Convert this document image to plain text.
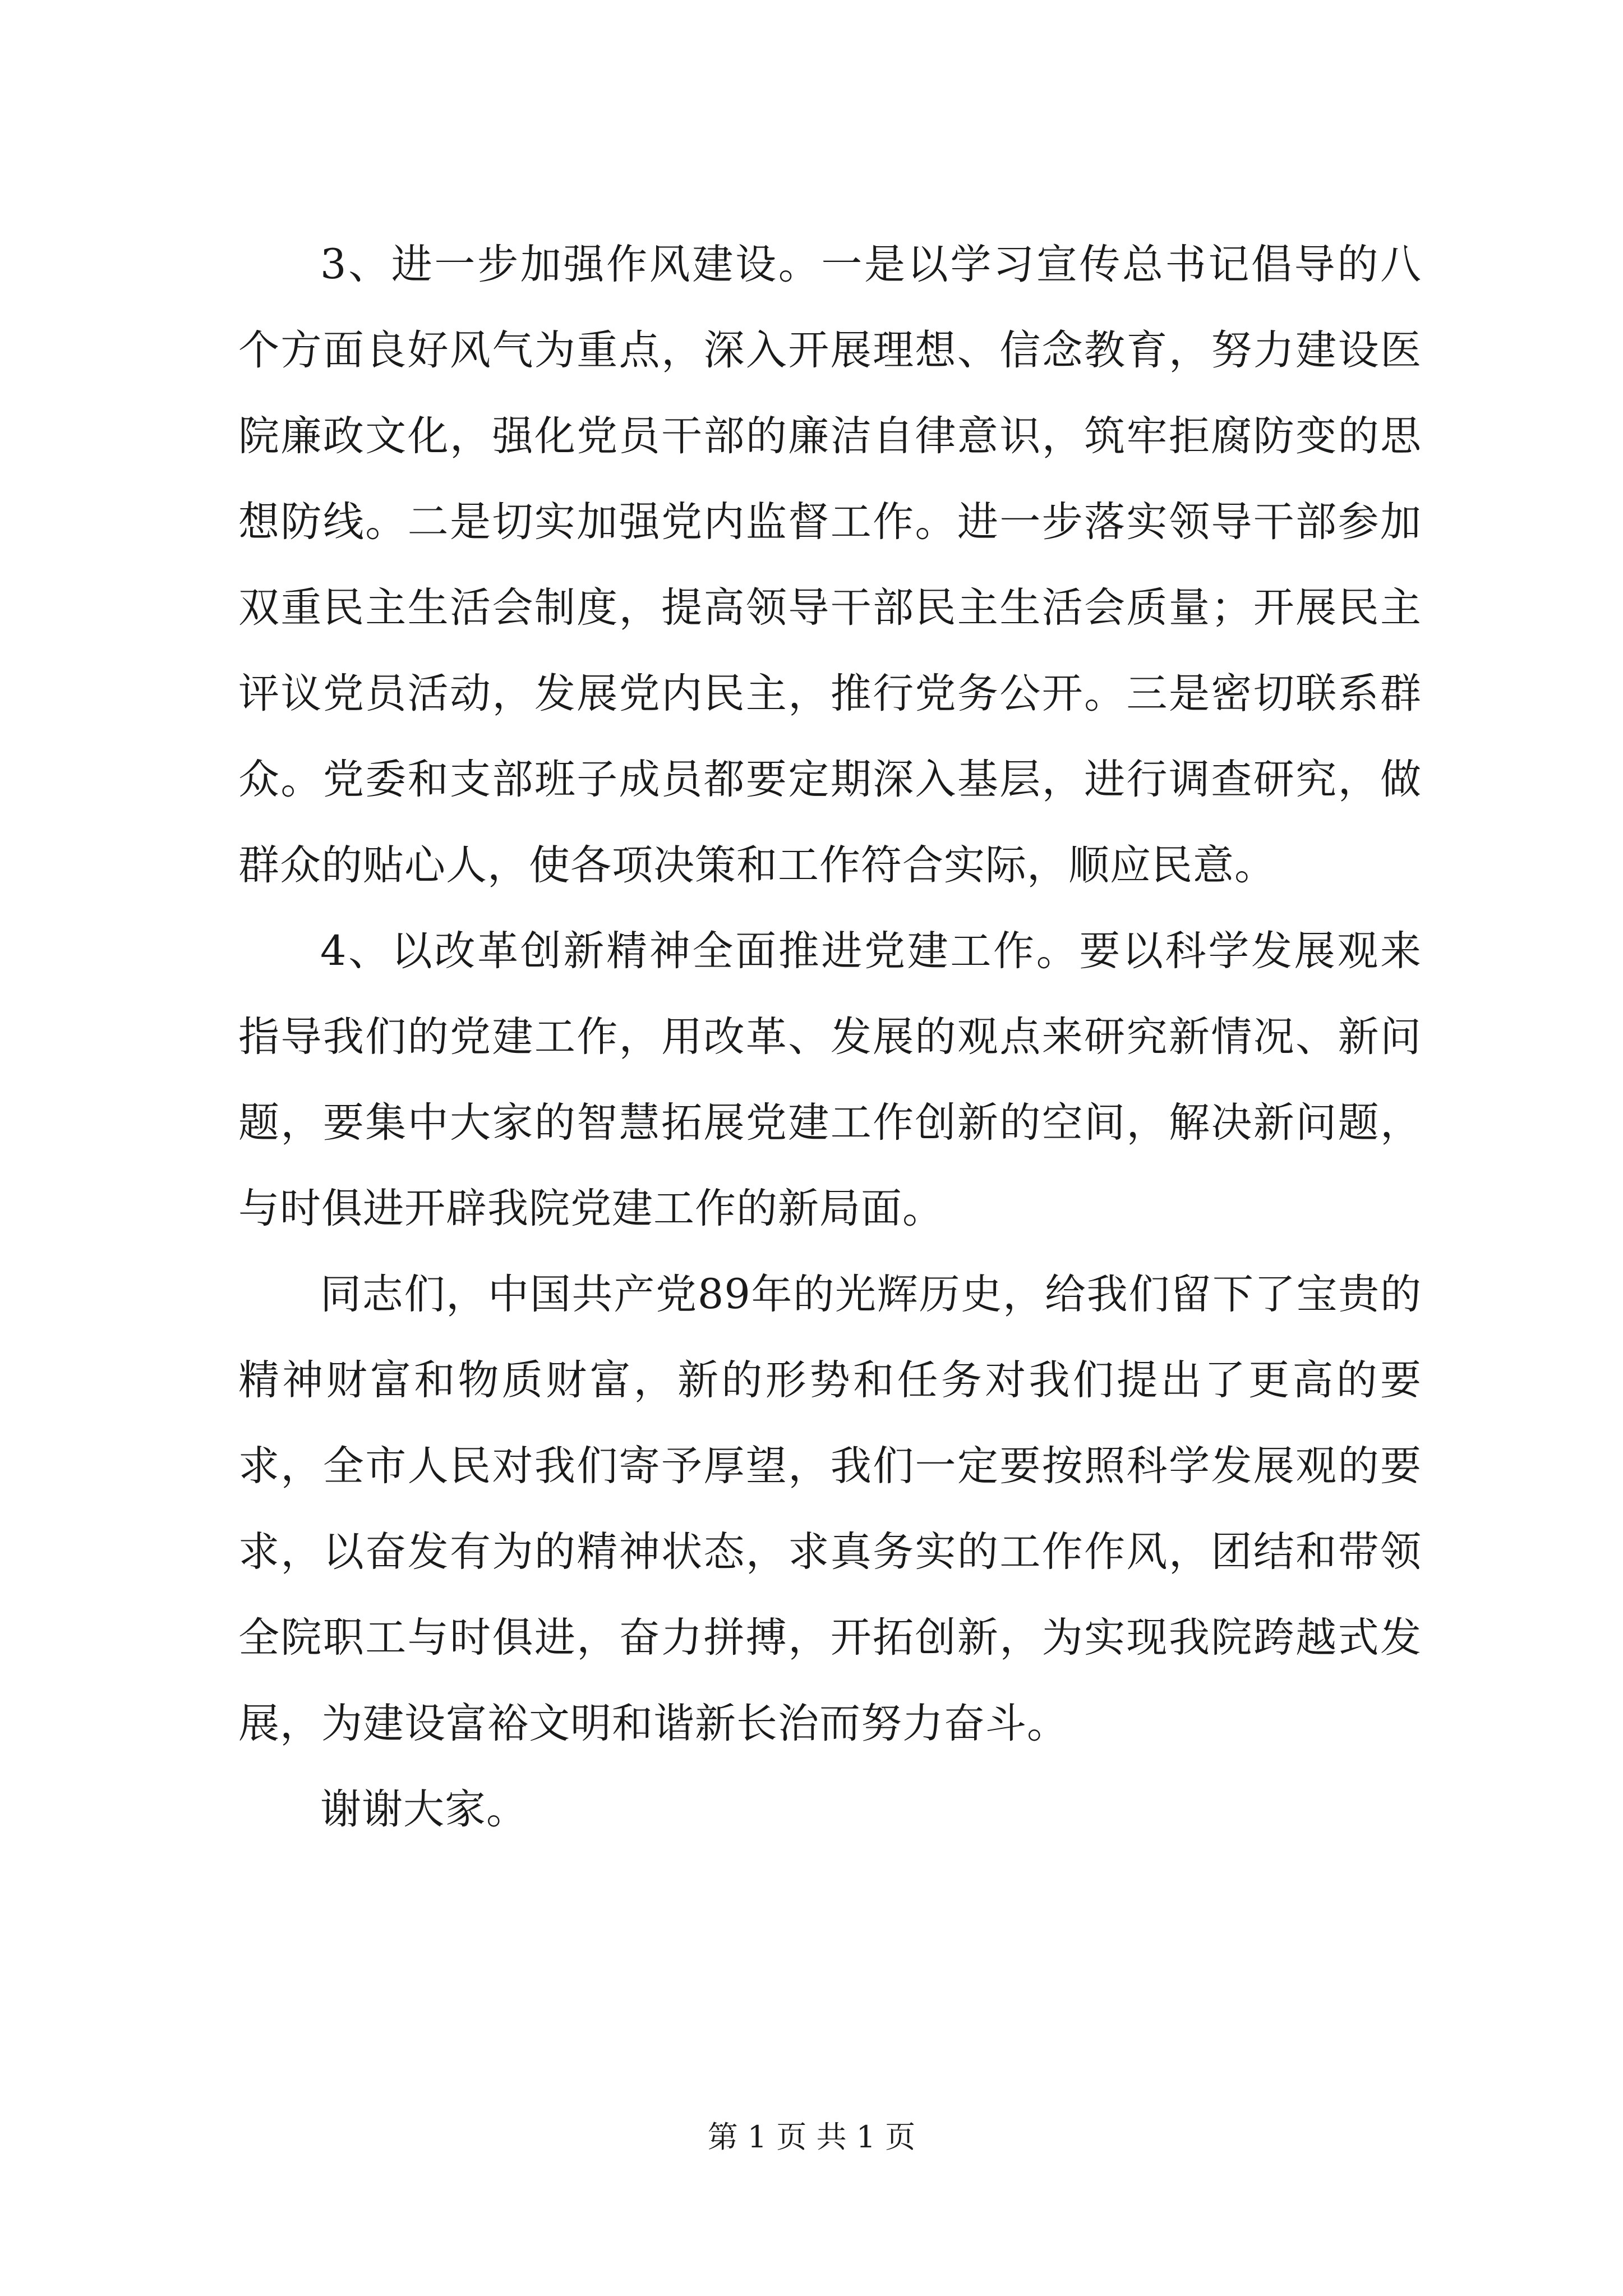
3、进一步加强作风建设。一是以学习宣传总书记倡导的八个方面良好风气为重点，深入开展理想、信念教育，努力建设医院廉政文化，强化党员干部的廉洁自律意识，筑牢拒腐防变的思想防线。二是切实加强党内监督工作。进一步落实领导干部参加双重民主生活会制度，提高领导干部民主生活会质量；开展民主评议党员活动，发展党内民主，推行党务公开。三是密切联系群众。党委和支部班子成员都要定期深入基层，进行调查研究，做群众的贴心人，使各项决策和工作符合实际，顺应民意。

4、以改革创新精神全面推进党建工作。要以科学发展观来指导我们的党建工作，用改革、发展的观点来研究新情况、新问题，要集中大家的智慧拓展党建工作创新的空间，解决新问题，与时俱进开辟我院党建工作的新局面。

同志们，中国共产党89年的光辉历史，给我们留下了宝贵的精神财富和物质财富，新的形势和任务对我们提出了更高的要求，全市人民对我们寄予厚望，我们一定要按照科学发展观的要求，以奋发有为的精神状态，求真务实的工作作风，团结和带领全院职工与时俱进，奋力拼搏，开拓创新，为实现我院跨越式发展，为建设富裕文明和谐新长治而努力奋斗。

谢谢大家。

第 1 页 共 1 页
